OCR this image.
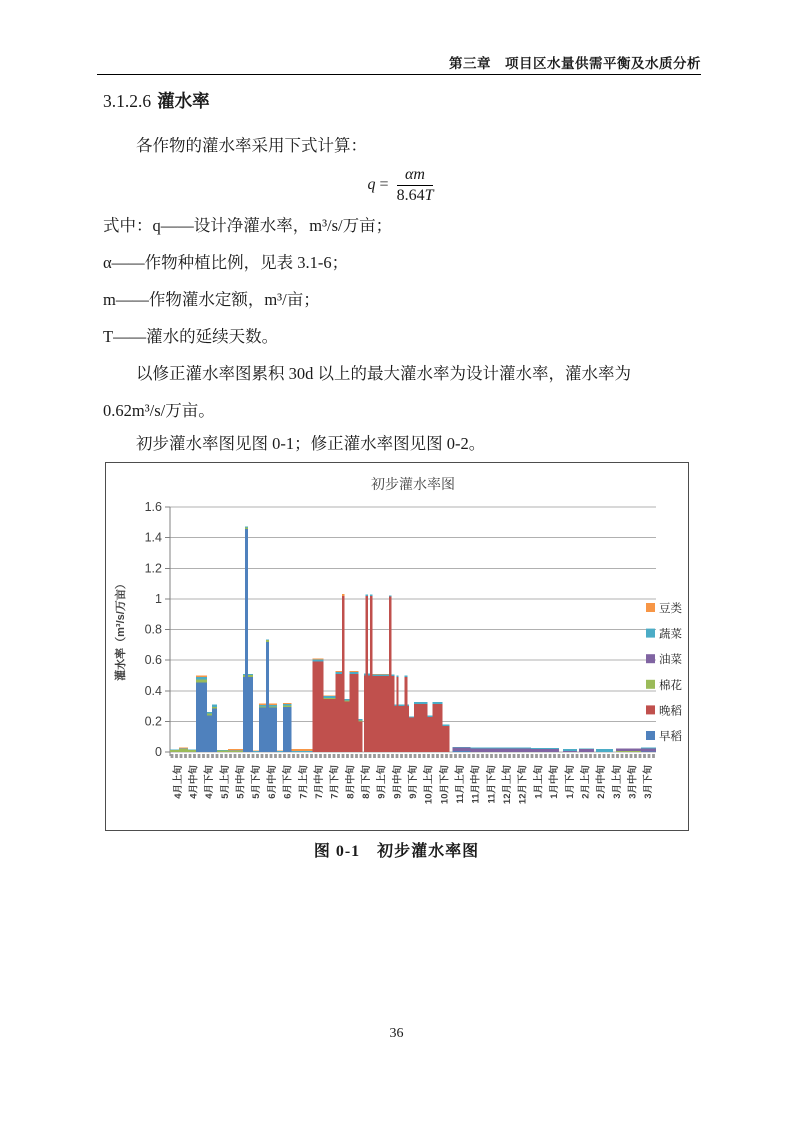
第三章　项目区水量供需平衡及水质分析
3.1.2.6 灌水率
各作物的灌水率采用下式计算：
$q = \frac{\alpha m}{8.64T}$
式中：q——设计净灌水率，m³/s/万亩；
α——作物种植比例，见表 3.1-6；
m——作物灌水定额，m³/亩；
T——灌水的延续天数。
以修正灌水率图累积 30d 以上的最大灌水率为设计灌水率，灌水率为
0.62m³/s/万亩。
初步灌水率图见图 0-1；修正灌水率图见图 0-2。
初步灌水率图
0
0.2
0.4
0.6
0.8
1
1.2
1.4
1.6
灌水率（m³/s/万亩）
4月上旬 4月中旬 4月下旬 5月上旬 5月中旬 5月下旬 6月中旬 6月下旬 7月上旬 7月中旬 7月下旬 8月中旬 8月下旬 9月上旬 9月中旬 9月下旬 10月上旬 10月下旬 11月上旬 11月中旬 11月下旬 12月上旬 12月下旬 1月上旬 1月中旬 1月下旬 2月上旬 2月中旬 3月上旬 3月中旬 3月下旬
豆类
蔬菜
油菜
棉花
晚稻
早稻
图 0-1　初步灌水率图
36
